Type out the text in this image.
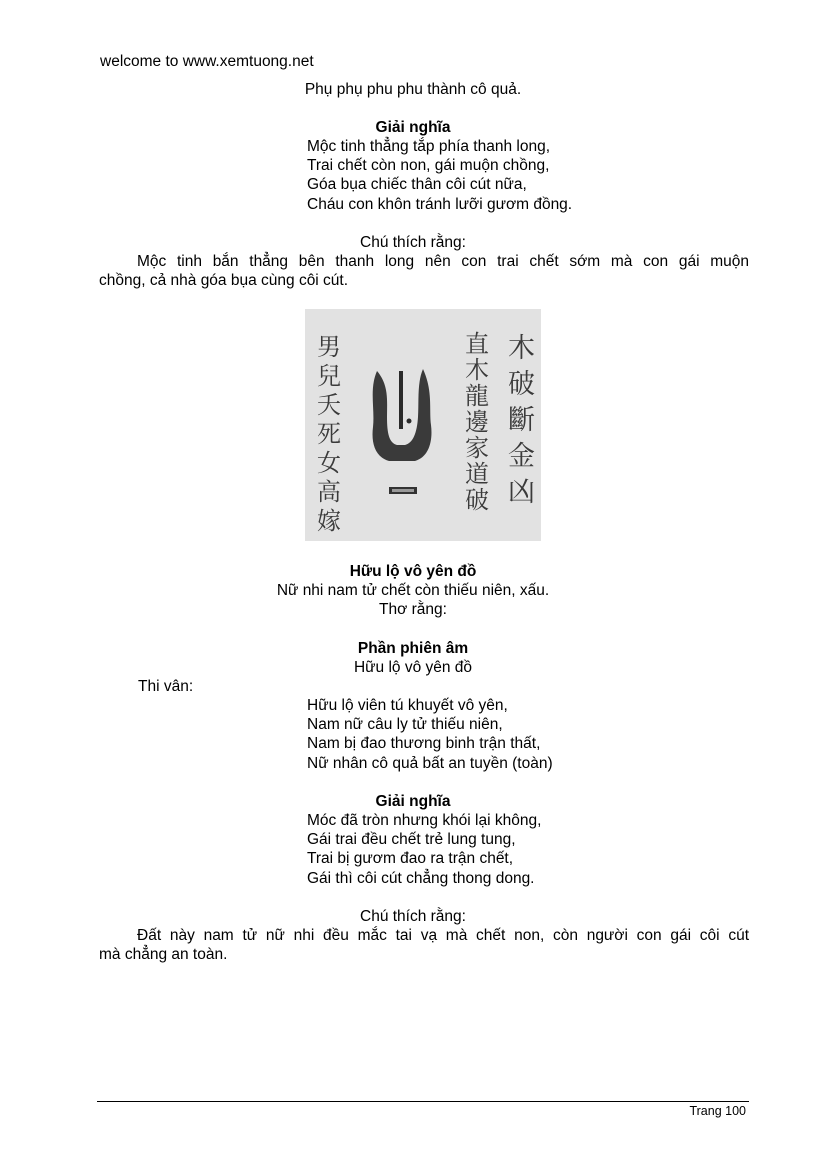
welcome to www.xemtuong.net
Phụ phụ phu phu thành cô quả.
Giải nghĩa
Mộc tinh thẳng tắp phía thanh long,
Trai chết còn non, gái muộn chồng,
Góa bụa chiếc thân côi cút nữa,
Cháu con khôn tránh lưỡi gươm đồng.
Chú thích rằng:
Mộc tinh bắn thẳng bên thanh long nên con trai chết sớm mà con gái muộn
chồng, cả nhà góa bụa cùng côi cút.
木破斷金凶
直木龍邊家道破
男兒夭死女高嫁
Hữu lộ vô yên đồ
Nữ nhi nam tử chết còn thiếu niên, xấu.
Thơ rằng:
Phần phiên âm
Hữu lộ vô yên đồ
Thi vân:
Hữu lộ viên tú khuyết vô yên,
Nam nữ câu ly tử thiếu niên,
Nam bị đao thương binh trận thất,
Nữ nhân cô quả bất an tuyền (toàn)
Giải nghĩa
Móc đã tròn nhưng khói lại không,
Gái trai đều chết trẻ lung tung,
Trai bị gươm đao ra trận chết,
Gái thì côi cút chẳng thong dong.
Chú thích rằng:
Đất này nam tử nữ nhi đều mắc tai vạ mà chết non, còn người con gái côi cút
mà chẳng an toàn.
Trang 100
